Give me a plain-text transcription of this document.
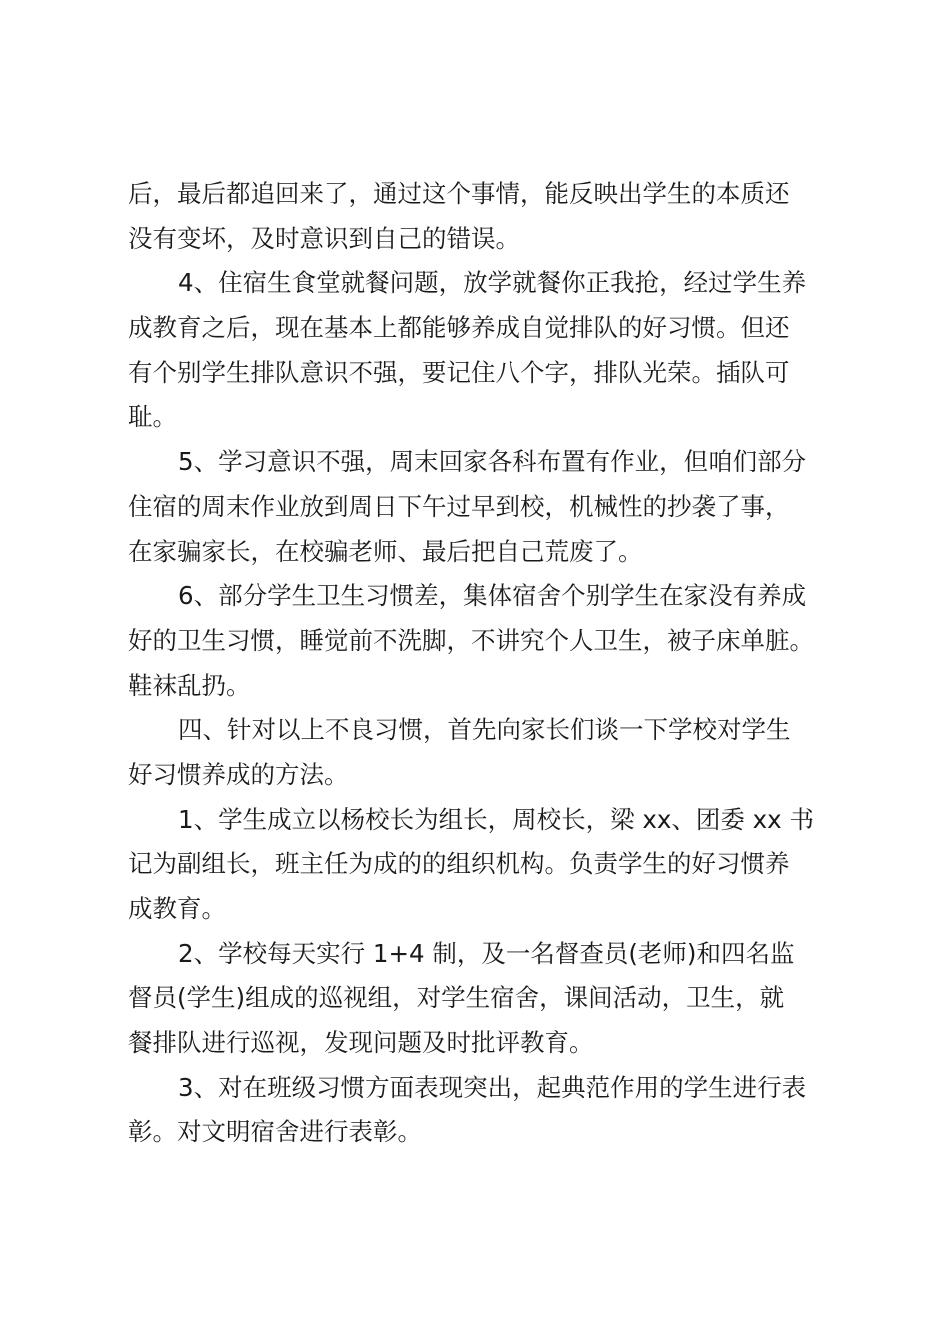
后，最后都追回来了，通过这个事情，能反映出学生的本质还
没有变坏，及时意识到自己的错误。
4、住宿生食堂就餐问题，放学就餐你正我抢，经过学生养
成教育之后，现在基本上都能够养成自觉排队的好习惯。但还
有个别学生排队意识不强，要记住八个字，排队光荣。插队可
耻。
5、学习意识不强，周末回家各科布置有作业，但咱们部分
住宿的周末作业放到周日下午过早到校，机械性的抄袭了事，
在家骗家长，在校骗老师、最后把自己荒废了。
6、部分学生卫生习惯差，集体宿舍个别学生在家没有养成
好的卫生习惯，睡觉前不洗脚，不讲究个人卫生，被子床单脏。
鞋袜乱扔。
四、针对以上不良习惯，首先向家长们谈一下学校对学生
好习惯养成的方法。
1、学生成立以杨校长为组长，周校长，梁 xx、团委 xx 书
记为副组长，班主任为成的的组织机构。负责学生的好习惯养
成教育。
2、学校每天实行 1+4 制，及一名督查员(老师)和四名监
督员(学生)组成的巡视组，对学生宿舍，课间活动，卫生，就
餐排队进行巡视，发现问题及时批评教育。
3、对在班级习惯方面表现突出，起典范作用的学生进行表
彰。对文明宿舍进行表彰。
